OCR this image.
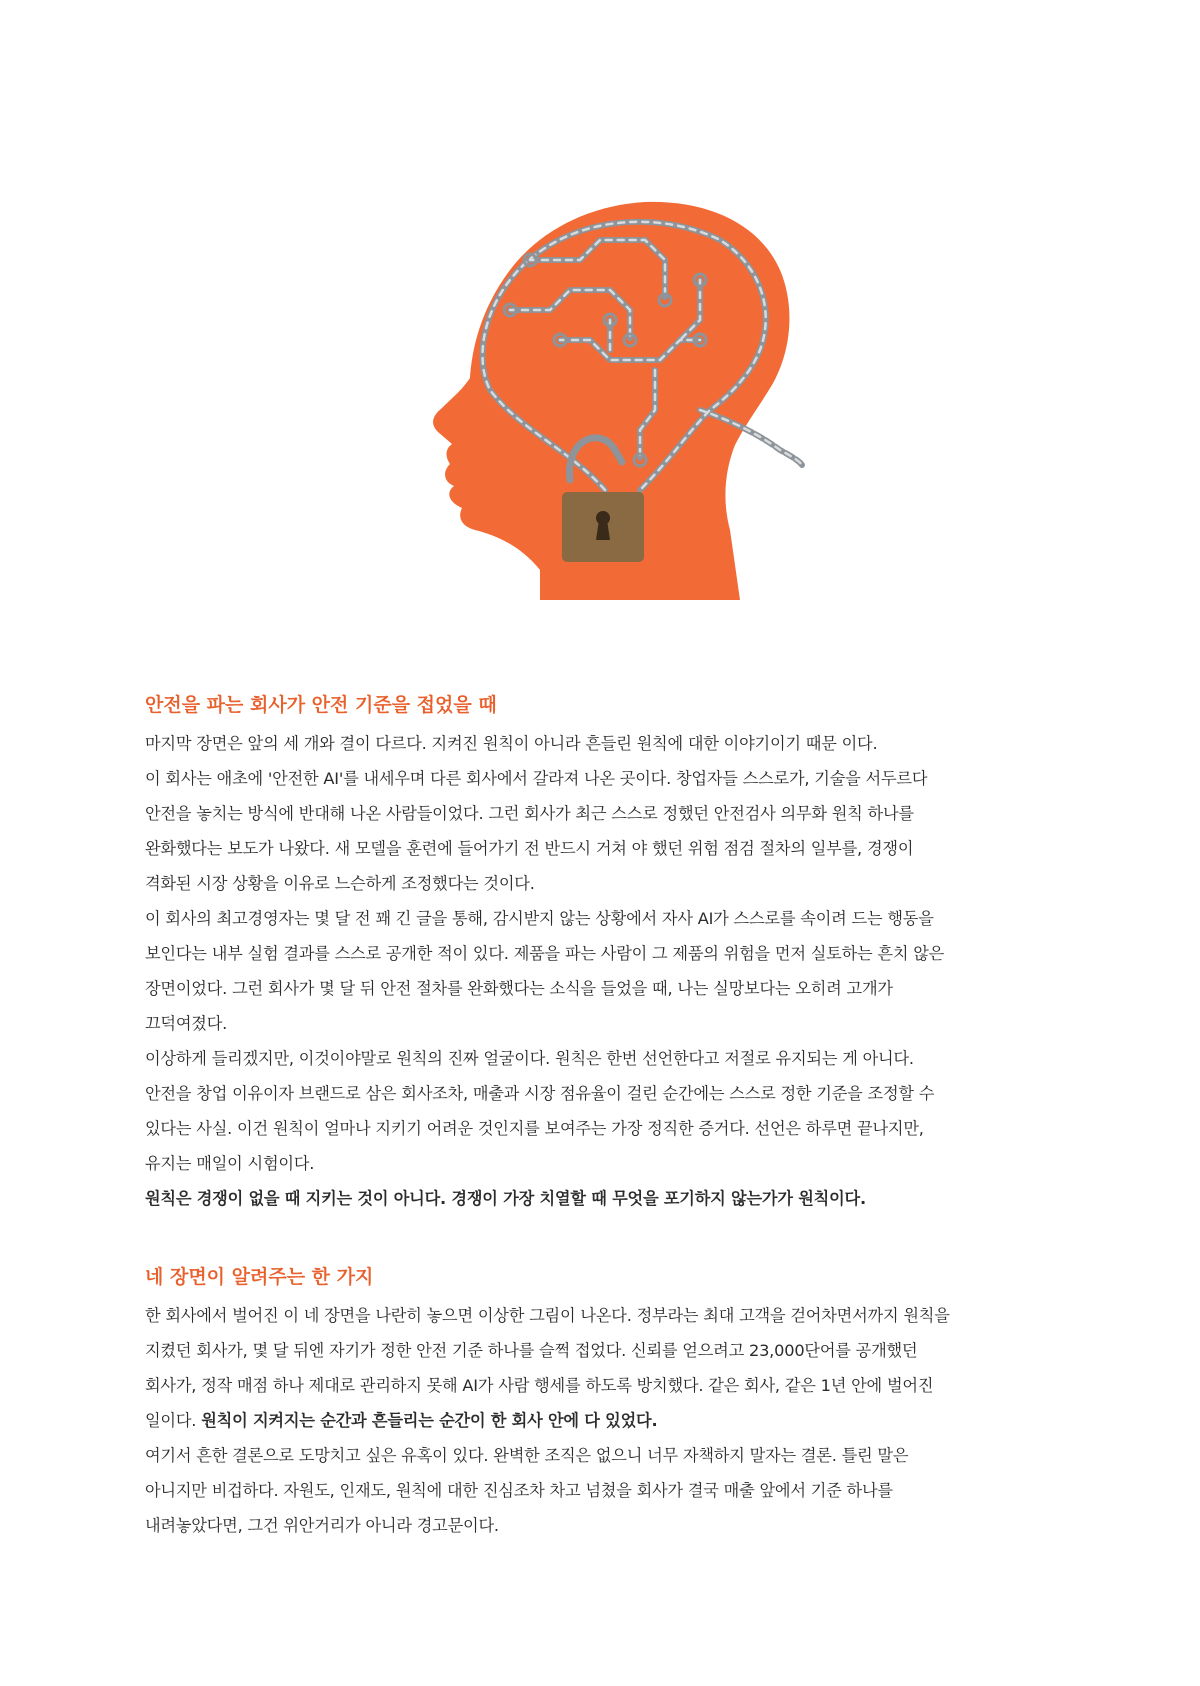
안전을 파는 회사가 안전 기준을 접었을 때

마지막 장면은 앞의 세 개와 결이 다르다. 지켜진 원칙이 아니라 흔들린 원칙에 대한 이야기이기 때문 이다.

이 회사는 애초에 '안전한 AI'를 내세우며 다른 회사에서 갈라져 나온 곳이다. 창업자들 스스로가, 기술을 서두르다
안전을 놓치는 방식에 반대해 나온 사람들이었다. 그런 회사가 최근 스스로 정했던 안전검사 의무화 원칙 하나를
완화했다는 보도가 나왔다. 새 모델을 훈련에 들어가기 전 반드시 거쳐 야 했던 위험 점검 절차의 일부를, 경쟁이
격화된 시장 상황을 이유로 느슨하게 조정했다는 것이다.

이 회사의 최고경영자는 몇 달 전 꽤 긴 글을 통해, 감시받지 않는 상황에서 자사 AI가 스스로를 속이려 드는 행동을
보인다는 내부 실험 결과를 스스로 공개한 적이 있다. 제품을 파는 사람이 그 제품의 위험을 먼저 실토하는 흔치 않은
장면이었다. 그런 회사가 몇 달 뒤 안전 절차를 완화했다는 소식을 들었을 때, 나는 실망보다는 오히려 고개가
끄덕여졌다.

이상하게 들리겠지만, 이것이야말로 원칙의 진짜 얼굴이다. 원칙은 한번 선언한다고 저절로 유지되는 게 아니다.
안전을 창업 이유이자 브랜드로 삼은 회사조차, 매출과 시장 점유율이 걸린 순간에는 스스로 정한 기준을 조정할 수
있다는 사실. 이건 원칙이 얼마나 지키기 어려운 것인지를 보여주는 가장 정직한 증거다. 선언은 하루면 끝나지만,
유지는 매일이 시험이다.

원칙은 경쟁이 없을 때 지키는 것이 아니다. 경쟁이 가장 치열할 때 무엇을 포기하지 않는가가 원칙이다.

네 장면이 알려주는 한 가지

한 회사에서 벌어진 이 네 장면을 나란히 놓으면 이상한 그림이 나온다. 정부라는 최대 고객을 걷어차면서까지 원칙을
지켰던 회사가, 몇 달 뒤엔 자기가 정한 안전 기준 하나를 슬쩍 접었다. 신뢰를 얻으려고 23,000단어를 공개했던
회사가, 정작 매점 하나 제대로 관리하지 못해 AI가 사람 행세를 하도록 방치했다. 같은 회사, 같은 1년 안에 벌어진
일이다. 원칙이 지켜지는 순간과 흔들리는 순간이 한 회사 안에 다 있었다.

여기서 흔한 결론으로 도망치고 싶은 유혹이 있다. 완벽한 조직은 없으니 너무 자책하지 말자는 결론. 틀린 말은
아니지만 비겁하다. 자원도, 인재도, 원칙에 대한 진심조차 차고 넘쳤을 회사가 결국 매출 앞에서 기준 하나를
내려놓았다면, 그건 위안거리가 아니라 경고문이다.
